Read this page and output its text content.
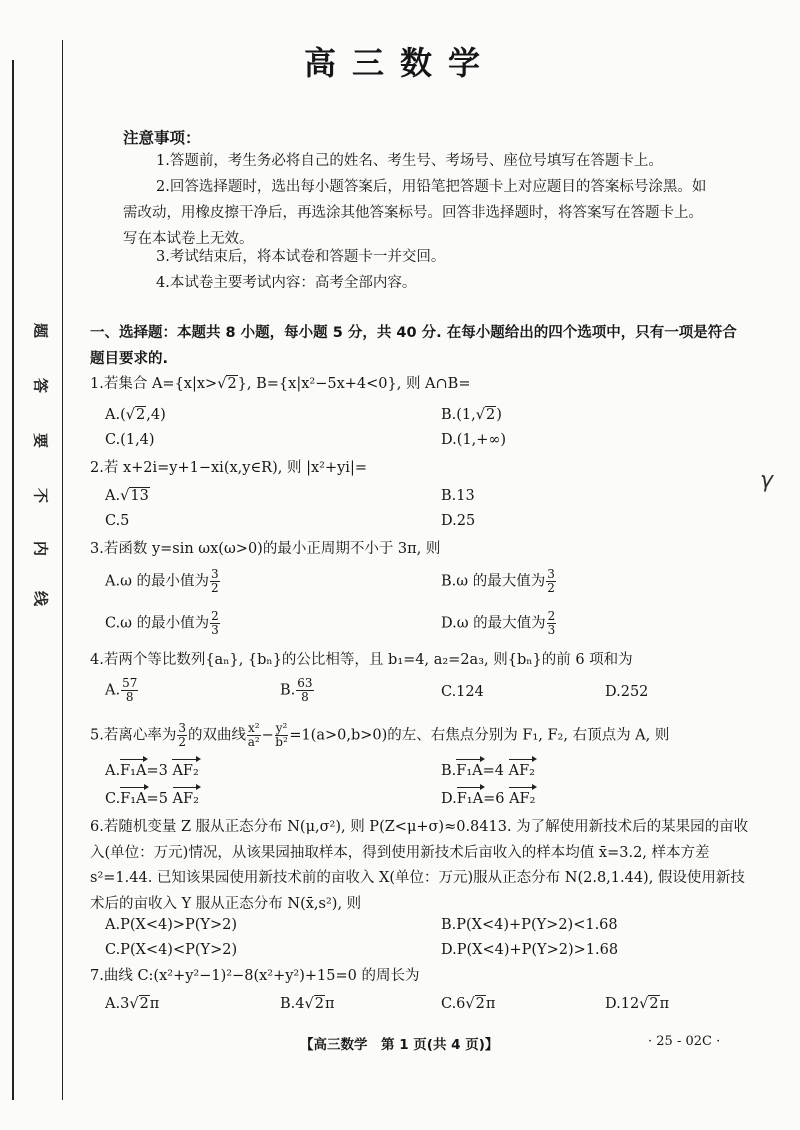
题
答
要
不
内
线
高三数学
γ
注意事项：
1.答题前，考生务必将自己的姓名、考生号、考场号、座位号填写在答题卡上。
2.回答选择题时，选出每小题答案后，用铅笔把答题卡上对应题目的答案标号涂黑。如需改动，用橡皮擦干净后，再选涂其他答案标号。回答非选择题时，将答案写在答题卡上。写在本试卷上无效。
3.考试结束后，将本试卷和答题卡一并交回。
4.本试卷主要考试内容：高考全部内容。
一、选择题：本题共 8 小题，每小题 5 分，共 40 分. 在每小题给出的四个选项中，只有一项是符合题目要求的.
1.若集合 A={x|x>√2}, B={x|x²−5x+4<0}, 则 A∩B=
A.(√2,4)	B.(1,√2)
C.(1,4)	D.(1,+∞)
2.若 x+2i=y+1−xi(x,y∈R), 则 |x²+yi|=
A.√13	B.13
C.5	D.25
3.若函数 y=sin ωx(ω>0)的最小正周期不小于 3π, 则
A.ω 的最小值为 $\frac{3}{2}$	B.ω 的最大值为 $\frac{3}{2}$
C.ω 的最小值为 $\frac{2}{3}$	D.ω 的最大值为 $\frac{2}{3}$
4.若两个等比数列{aₙ}, {bₙ}的公比相等，且 b₁=4, a₂=2a₃, 则{bₙ}的前 6 项和为
A. $\frac{57}{8}$	B. $\frac{63}{8}$	C.124	D.252
5.若离心率为 $\frac{3}{2}$ 的双曲线 $\frac{\text{x²}}{\text{a²}} - \frac{\text{y²}}{\text{b²}} =1(a>0,b>0)$的左、右焦点分别为 F₁, F₂, 右顶点为 A, 则
A.F₁A=3 AF₂	B.F₁A=4 AF₂
C.F₁A=5 AF₂	D.F₁A=6 AF₂
6.若随机变量 Z 服从正态分布 N(μ,σ²), 则 P(Z<μ+σ)≈0.8413. 为了解使用新技术后的某果园的亩收入(单位：万元)情况，从该果园抽取样本，得到使用新技术后亩收入的样本均值 x̄=3.2, 样本方差 s²=1.44. 已知该果园使用新技术前的亩收入 X(单位：万元)服从正态分布 N(2.8,1.44), 假设使用新技术后的亩收入 Y 服从正态分布 N(x̄,s²), 则
A.P(X<4)>P(Y>2)	B.P(X<4)+P(Y>2)<1.68
C.P(X<4)<P(Y>2)	D.P(X<4)+P(Y>2)>1.68
7.曲线 C:(x²+y²−1)²−8(x²+y²)+15=0 的周长为
A.3√2π	B.4√2π	C.6√2π	D.12√2π
【高三数学　第 1 页(共 4 页)】	· 25 - 02C ·
